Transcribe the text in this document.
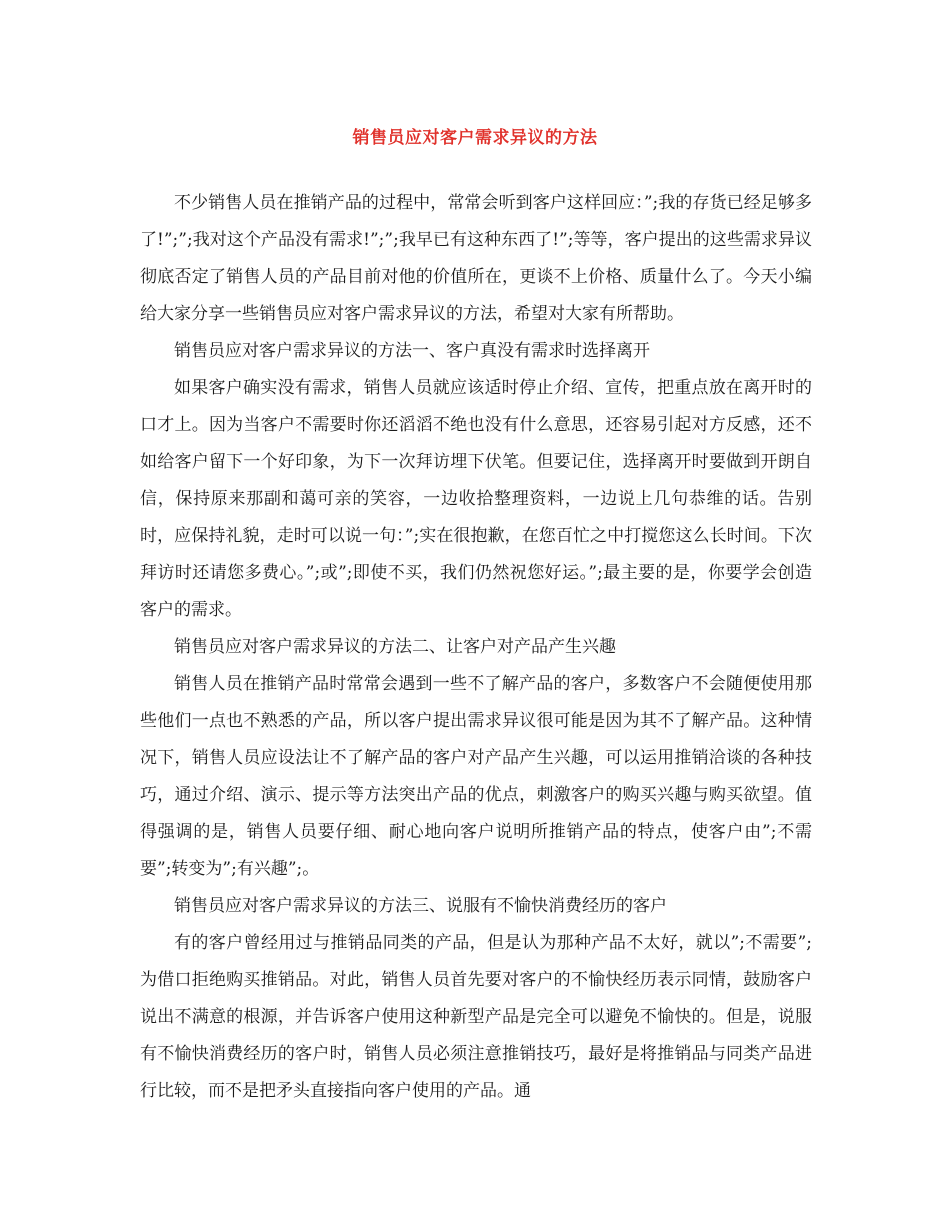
销售员应对客户需求异议的方法

不少销售人员在推销产品的过程中，常常会听到客户这样回应：”;我的存货已经足够多了!”;”;我对这个产品没有需求!”;”;我早已有这种东西了!”;等等，客户提出的这些需求异议彻底否定了销售人员的产品目前对他的价值所在，更谈不上价格、质量什么了。今天小编给大家分享一些销售员应对客户需求异议的方法，希望对大家有所帮助。

销售员应对客户需求异议的方法一、客户真没有需求时选择离开

如果客户确实没有需求，销售人员就应该适时停止介绍、宣传，把重点放在离开时的口才上。因为当客户不需要时你还滔滔不绝也没有什么意思，还容易引起对方反感，还不如给客户留下一个好印象，为下一次拜访埋下伏笔。但要记住，选择离开时要做到开朗自信，保持原来那副和蔼可亲的笑容，一边收拾整理资料，一边说上几句恭维的话。告别时，应保持礼貌，走时可以说一句：”;实在很抱歉，在您百忙之中打搅您这么长时间。下次拜访时还请您多费心。”;或”;即使不买，我们仍然祝您好运。”;最主要的是，你要学会创造客户的需求。

销售员应对客户需求异议的方法二、让客户对产品产生兴趣

销售人员在推销产品时常常会遇到一些不了解产品的客户，多数客户不会随便使用那些他们一点也不熟悉的产品，所以客户提出需求异议很可能是因为其不了解产品。这种情况下，销售人员应设法让不了解产品的客户对产品产生兴趣，可以运用推销洽谈的各种技巧，通过介绍、演示、提示等方法突出产品的优点，刺激客户的购买兴趣与购买欲望。值得强调的是，销售人员要仔细、耐心地向客户说明所推销产品的特点，使客户由”;不需要”;转变为”;有兴趣”;。

销售员应对客户需求异议的方法三、说服有不愉快消费经历的客户

有的客户曾经用过与推销品同类的产品，但是认为那种产品不太好，就以”;不需要”;为借口拒绝购买推销品。对此，销售人员首先要对客户的不愉快经历表示同情，鼓励客户说出不满意的根源，并告诉客户使用这种新型产品是完全可以避免不愉快的。但是，说服有不愉快消费经历的客户时，销售人员必须注意推销技巧，最好是将推销品与同类产品进行比较，而不是把矛头直接指向客户使用的产品。通
